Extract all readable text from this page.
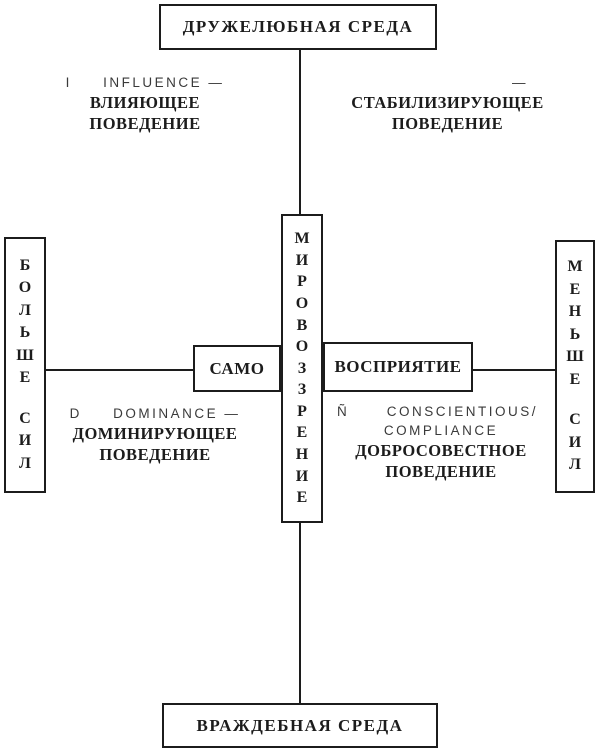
ДРУЖЕЛЮБНАЯ СРЕДА
ВРАЖДЕБНАЯ СРЕДА
Б
О
Л
Ь
Ш
Е
С
И
Л
М
Е
Н
Ь
Ш
Е
С
И
Л
М
И
Р
О
В
О
З
З
Р
Е
Н
И
Е
САМО	ВОСПРИЯТИЕ
I     INFLUENCE —
ВЛИЯЮЩЕЕ
ПОВЕДЕНИЕ
—
СТАБИЛИЗИРУЮЩЕЕ
ПОВЕДЕНИЕ
D     DOMINANCE —
ДОМИНИРУЮЩЕЕ
ПОВЕДЕНИЕ
Ñ      CONSCIENTIOUS/
COMPLIANCE
ДОБРОСОВЕСТНОЕ
ПОВЕДЕНИЕ
